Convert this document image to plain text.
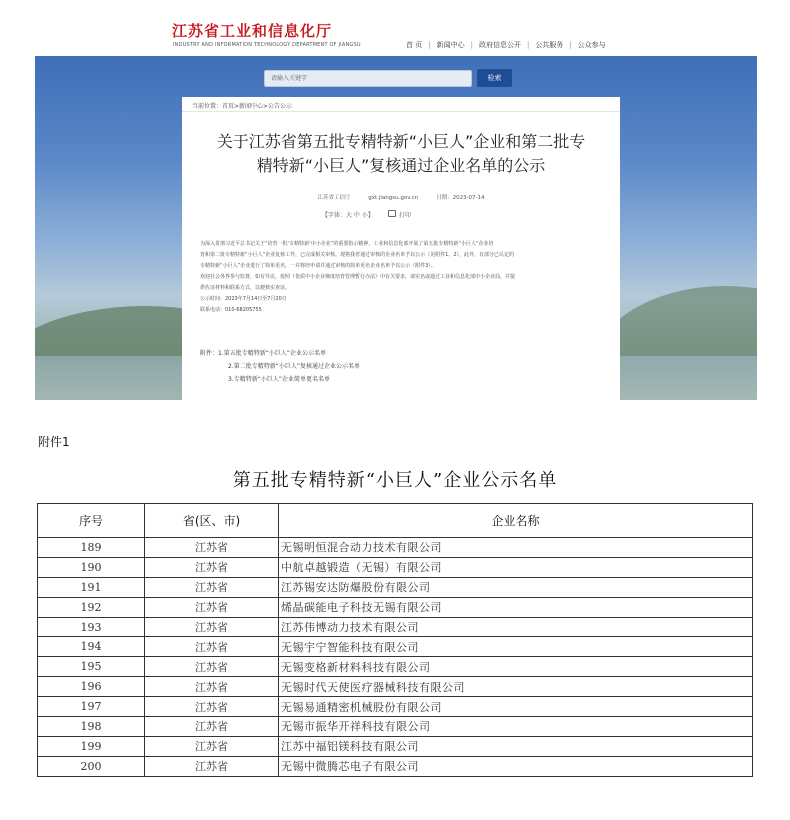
江苏省工业和信息化厅
INDUSTRY AND INFORMATION TECHNOLOGY DEPARTMENT OF JIANGSU	首 页 | 新闻中心 | 政府信息公开 | 公共服务 | 公众参与
请输入关键字	检索
当前位置：首页>新闻中心>公告公示
关于江苏省第五批专精特新“小巨人”企业和第二批专
精特新“小巨人”复核通过企业名单的公示
江苏省工信厅	gxt.jiangsu.gov.cn	日期：2023-07-14
【字体：大 中 小】	打印

为深入贯彻习近平总书记关于“培育一批‘专精特新’中小企业”的重要指示精神，工业和信息化部开展了第五批专精特新“小巨人”企业培

育和第二批专精特新“小巨人”企业复核工作，已完成相关审核。现将我省通过审核的企业名单予以公示（见附件1、2），此外，有部分已认定的

专精特新“小巨人”企业进行了简单更名，一并将经申请并通过审核的简单更名企业名单予以公示（附件3）。

欢迎社会各界参与监督，如有异议，按照《优质中小企业梯度培育管理暂行办法》中有关要求，请实名或通过工业和信息化部中小企业局，并提

供佐证材料和联系方式，以便核实查证。

公示时间：2023年7月14日至7月20日

联系电话：010-68205755

附件：1.第五批专精特新“小巨人”企业公示名单
2.第二批专精特新“小巨人”复核通过企业公示名单
3.专精特新“小巨人”企业简单更名名单
附件1
第五批专精特新“小巨人”企业公示名单
序号	省(区、市)	企业名称
189	江苏省	无锡明恒混合动力技术有限公司
190	江苏省	中航卓越锻造（无锡）有限公司
191	江苏省	江苏锡安达防爆股份有限公司
192	江苏省	烯晶碳能电子科技无锡有限公司
193	江苏省	江苏伟博动力技术有限公司
194	江苏省	无锡宇宁智能科技有限公司
195	江苏省	无锡变格新材料科技有限公司
196	江苏省	无锡时代天使医疗器械科技有限公司
197	江苏省	无锡易通精密机械股份有限公司
198	江苏省	无锡市振华开祥科技有限公司
199	江苏省	江苏中福铝镁科技有限公司
200	江苏省	无锡中微腾芯电子有限公司
